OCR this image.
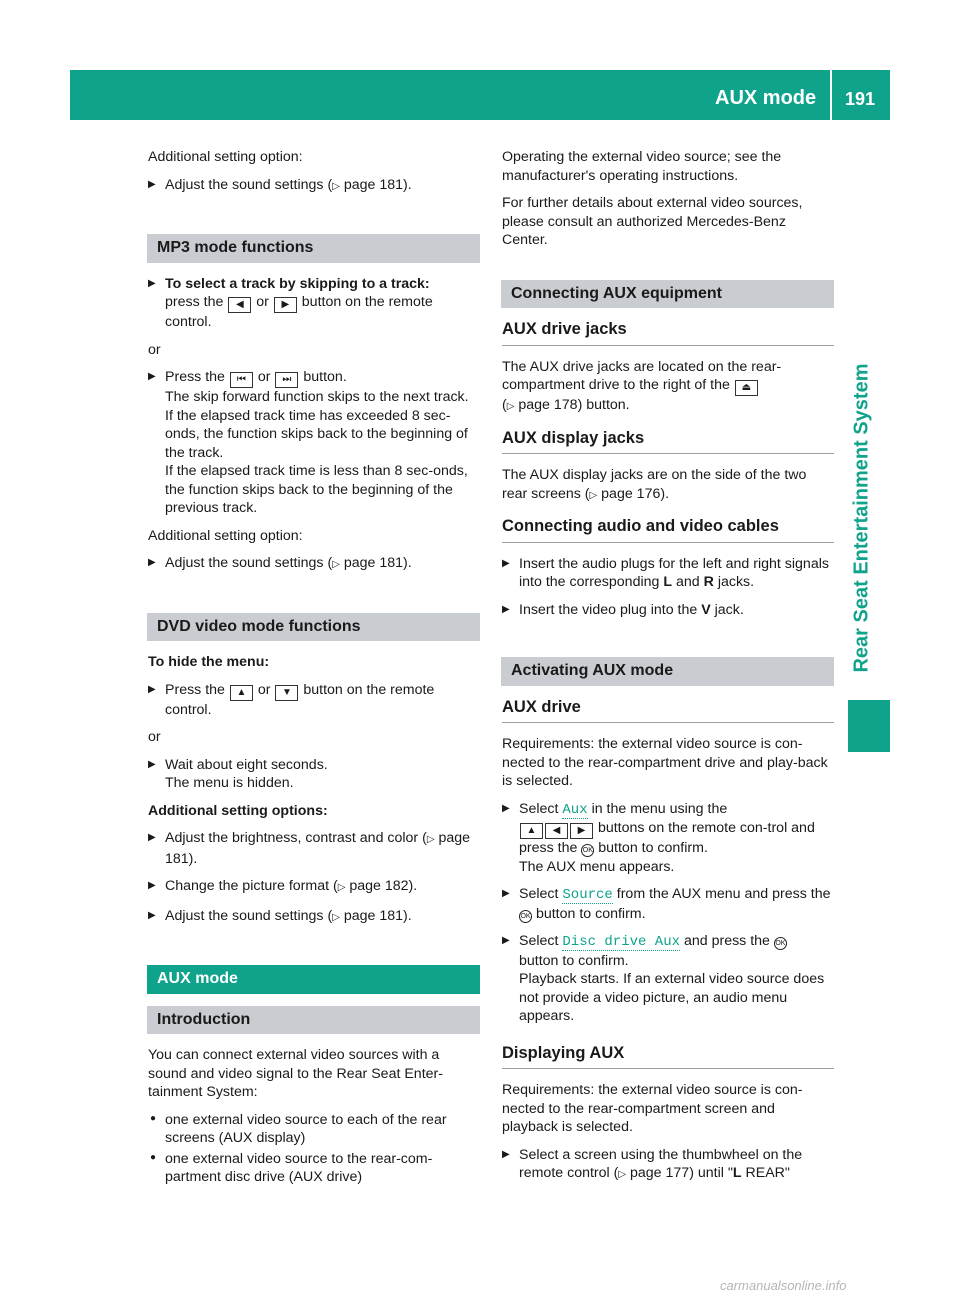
AUX mode 191
Rear Seat Entertainment System

Additional setting option:

▶ Adjust the sound settings (▷ page 181).
MP3 mode functions
▶ To select a track by skipping to a track:
press the ◀ or ▶ button on the remote control.

or

▶ Press the ⏮ or ⏭ button.
The skip forward function skips to the next track.
If the elapsed track time has exceeded 8 sec-onds, the function skips back to the beginning of the track.
If the elapsed track time is less than 8 sec-onds, the function skips back to the beginning of the previous track.

Additional setting option:

▶ Adjust the sound settings (▷ page 181).
DVD video mode functions

To hide the menu:

▶ Press the ▲ or ▼ button on the remote control.

or

▶ Wait about eight seconds.
The menu is hidden.

Additional setting options:

▶ Adjust the brightness, contrast and color (▷ page 181).
▶ Change the picture format (▷ page 182).
▶ Adjust the sound settings (▷ page 181).
AUX mode
Introduction

You can connect external video sources with a sound and video signal to the Rear Seat Enter-tainment System:

● one external video source to each of the rear screens (AUX display)
● one external video source to the rear-com-partment disc drive (AUX drive)

Operating the external video source; see the manufacturer's operating instructions.

For further details about external video sources, please consult an authorized Mercedes-Benz Center.

Connecting AUX equipment
AUX drive jacks

The AUX drive jacks are located on the rear-compartment drive to the right of the ⏏
(▷ page 178) button.

AUX display jacks

The AUX display jacks are on the side of the two rear screens (▷ page 176).

Connecting audio and video cables
▶ Insert the audio plugs for the left and right signals into the corresponding L and R jacks.
▶ Insert the video plug into the V jack.
Activating AUX mode
AUX drive

Requirements: the external video source is con-nected to the rear-compartment drive and play-back is selected.

▶ Select Aux in the menu using the
▲ ◀ ▶ buttons on the remote con-trol and press the OK button to confirm.
The AUX menu appears.
▶ Select Source from the AUX menu and press the OK button to confirm.
▶ Select Disc drive Aux and press the OK
button to confirm.
Playback starts. If an external video source does not provide a video picture, an audio menu appears.
Displaying AUX

Requirements: the external video source is con-nected to the rear-compartment screen and playback is selected.

▶ Select a screen using the thumbwheel on the remote control (▷ page 177) until "L REAR"
carmanualsonline.info
